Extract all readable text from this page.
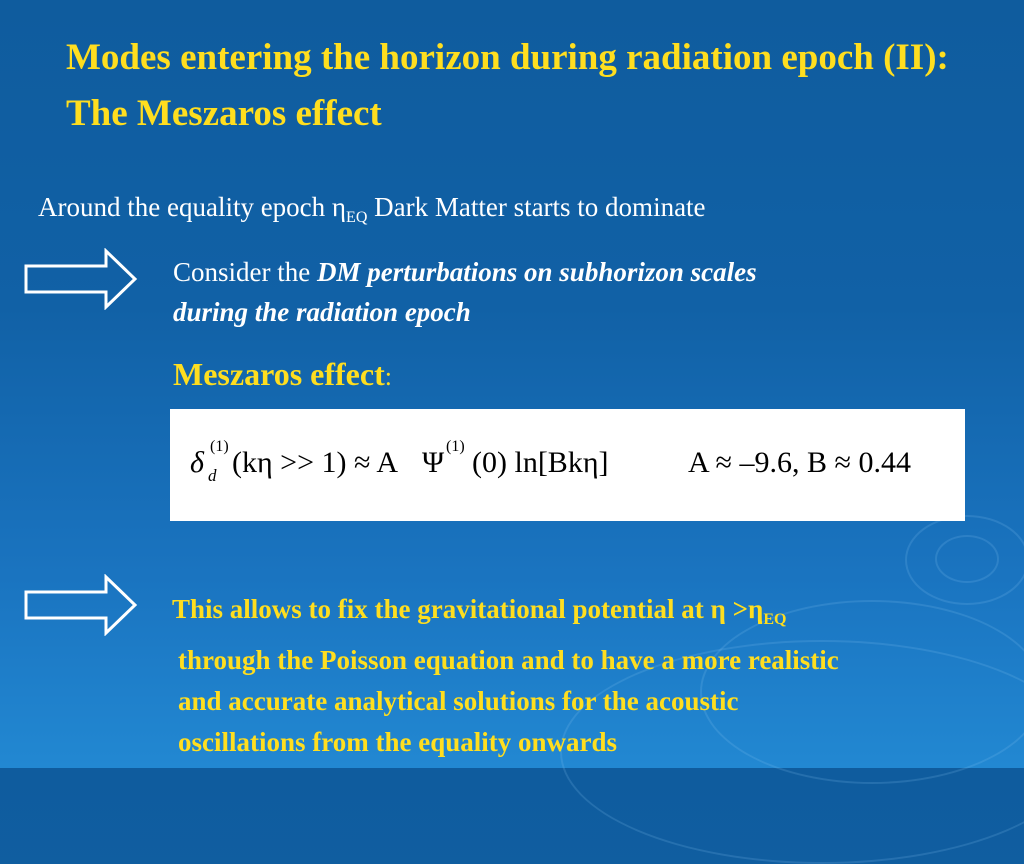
Modes entering the horizon during radiation epoch (II): The Meszaros effect
Around the equality epoch $\eta_{EQ}$ Dark Matter starts to dominate
Consider the DM perturbations on subhorizon scales
during the radiation epoch
Meszaros effect:
δ (1)
d (kη >> 1) ≈ A Ψ (1) (0) ln[Bkη]	A ≈ –9.6, B ≈ 0.44
This allows to fix the gravitational potential at $\eta >\eta_{EQ}$
through the Poisson equation and to have a more realistic
and accurate analytical solutions for the acoustic
oscillations from the equality onwards
